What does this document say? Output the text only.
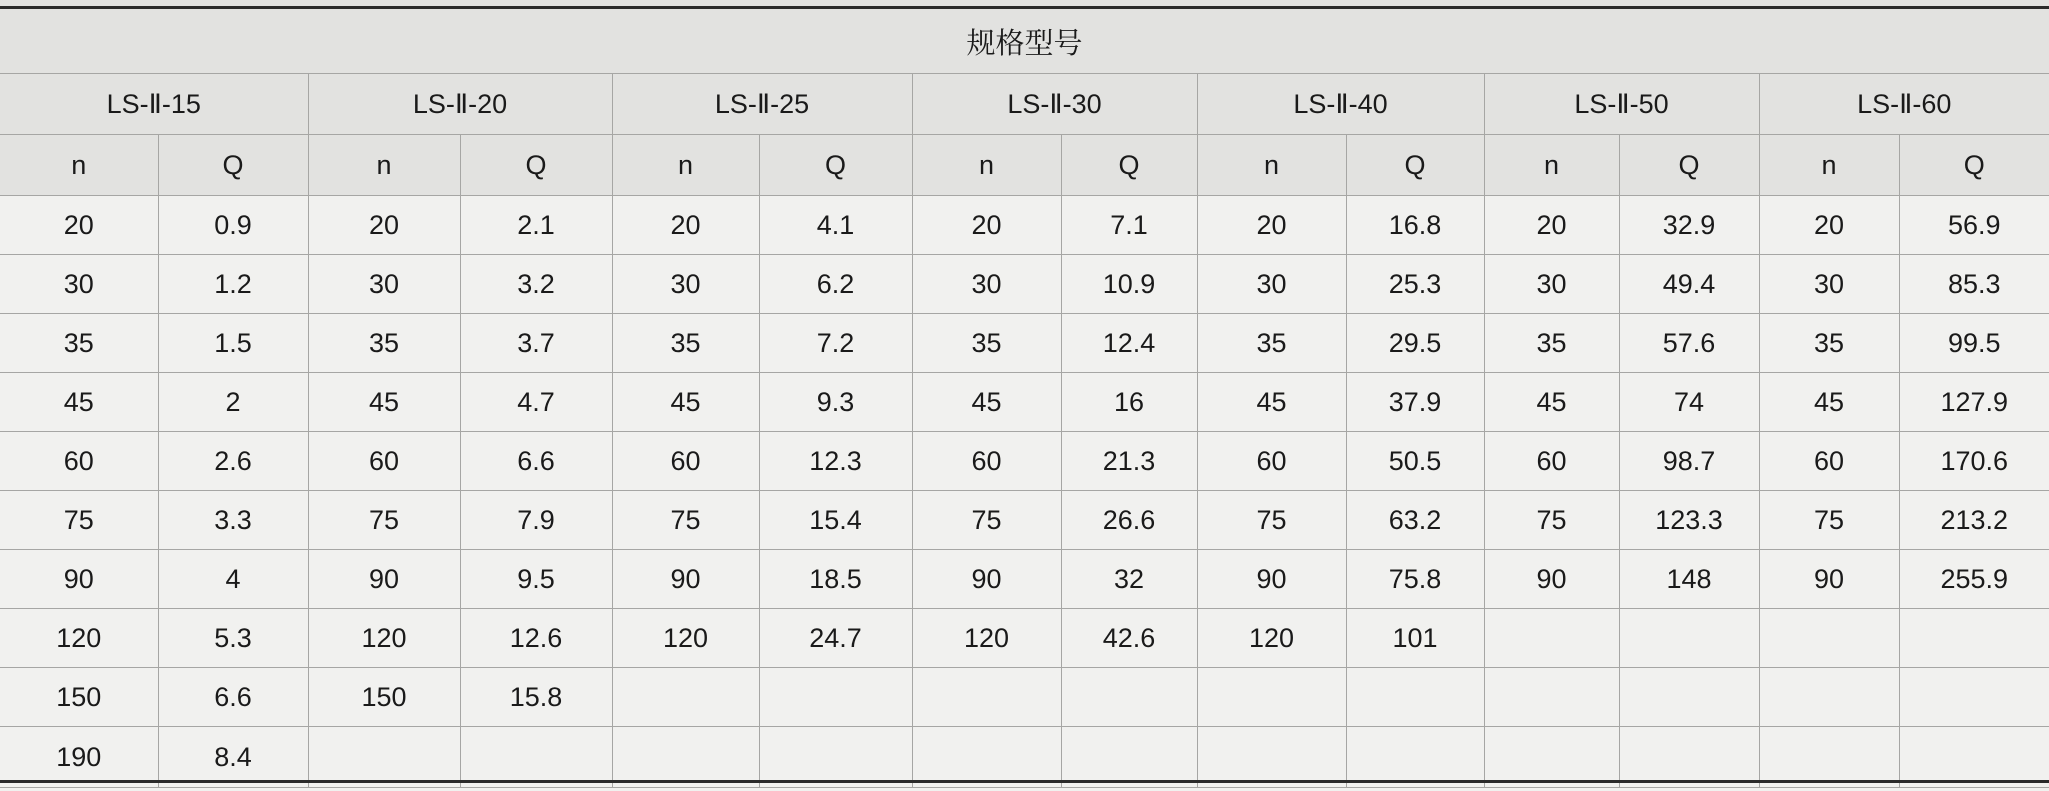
规格型号													
LS-Ⅱ-15		LS-Ⅱ-20		LS-Ⅱ-25		LS-Ⅱ-30		LS-Ⅱ-40		LS-Ⅱ-50		LS-Ⅱ-60	
n	Q	n	Q	n	Q	n	Q	n	Q	n	Q	n	Q
20	0.9	20	2.1	20	4.1	20	7.1	20	16.8	20	32.9	20	56.9
30	1.2	30	3.2	30	6.2	30	10.9	30	25.3	30	49.4	30	85.3
35	1.5	35	3.7	35	7.2	35	12.4	35	29.5	35	57.6	35	99.5
45	2	45	4.7	45	9.3	45	16	45	37.9	45	74	45	127.9
60	2.6	60	6.6	60	12.3	60	21.3	60	50.5	60	98.7	60	170.6
75	3.3	75	7.9	75	15.4	75	26.6	75	63.2	75	123.3	75	213.2
90	4	90	9.5	90	18.5	90	32	90	75.8	90	148	90	255.9
120	5.3	120	12.6	120	24.7	120	42.6	120	101				
150	6.6	150	15.8										
190	8.4												
